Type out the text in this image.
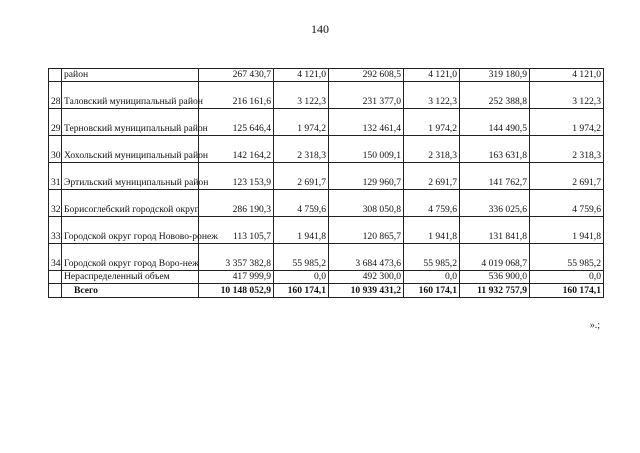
140
	район	267 430,7	4 121,0	292 608,5	4 121,0	319 180,9	4 121,0
28	Таловский муниципальный район	216 161,6	3 122,3	231 377,0	3 122,3	252 388,8	3 122,3
29	Терновский муниципальный район	125 646,4	1 974,2	132 461,4	1 974,2	144 490,5	1 974,2
30	Хохольский муниципальный район	142 164,2	2 318,3	150 009,1	2 318,3	163 631,8	2 318,3
31	Эртильский муниципальный район	123 153,9	2 691,7	129 960,7	2 691,7	141 762,7	2 691,7
32	Борисоглебский городской округ	286 190,3	4 759,6	308 050,8	4 759,6	336 025,6	4 759,6
33	Городской округ город Новово-ронеж	113 105,7	1 941,8	120 865,7	1 941,8	131 841,8	1 941,8
34	Городской округ город Воро-неж	3 357 382,8	55 985,2	3 684 473,6	55 985,2	4 019 068,7	55 985,2
	Нераспределенный объем	417 999,9	0,0	492 300,0	0,0	536 900,0	0,0
	Всего	10 148 052,9	160 174,1	10 939 431,2	160 174,1	11 932 757,9	160 174,1
».;
